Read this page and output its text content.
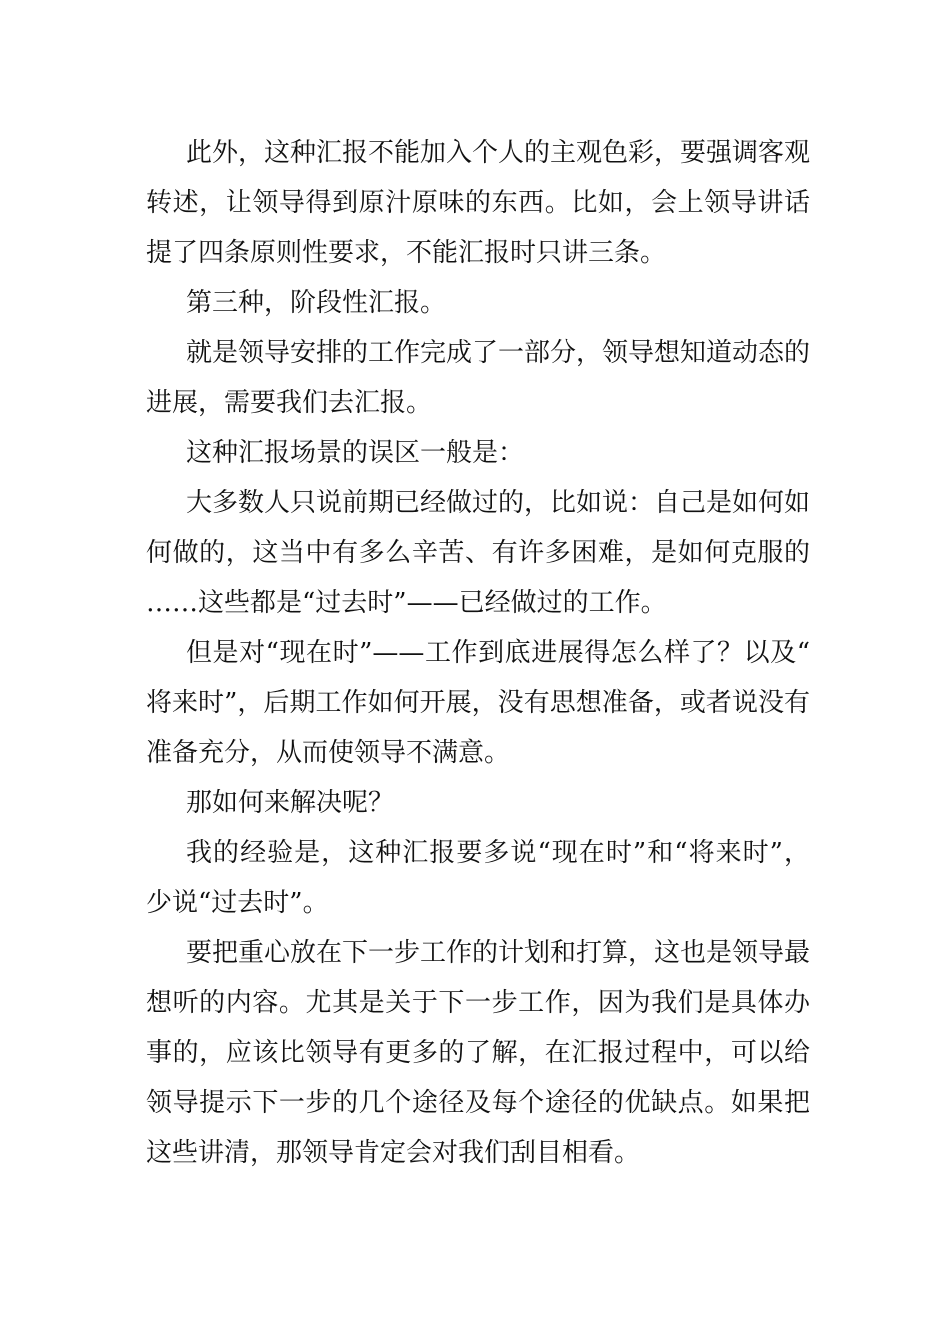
此外，这种汇报不能加入个人的主观色彩，要强调客观转述，让领导得到原汁原味的东西。比如，会上领导讲话提了四条原则性要求，不能汇报时只讲三条。

第三种，阶段性汇报。

就是领导安排的工作完成了一部分，领导想知道动态的进展，需要我们去汇报。

这种汇报场景的误区一般是：

大多数人只说前期已经做过的，比如说：自己是如何如何做的，这当中有多么辛苦、有许多困难，是如何克服的……这些都是“过去时”——已经做过的工作。

但是对“现在时”——工作到底进展得怎么样了？以及“将来时”，后期工作如何开展，没有思想准备，或者说没有准备充分，从而使领导不满意。

那如何来解决呢？

我的经验是，这种汇报要多说“现在时”和“将来时”，少说“过去时”。

要把重心放在下一步工作的计划和打算，这也是领导最想听的内容。尤其是关于下一步工作，因为我们是具体办事的，应该比领导有更多的了解，在汇报过程中，可以给领导提示下一步的几个途径及每个途径的优缺点。如果把这些讲清，那领导肯定会对我们刮目相看。
